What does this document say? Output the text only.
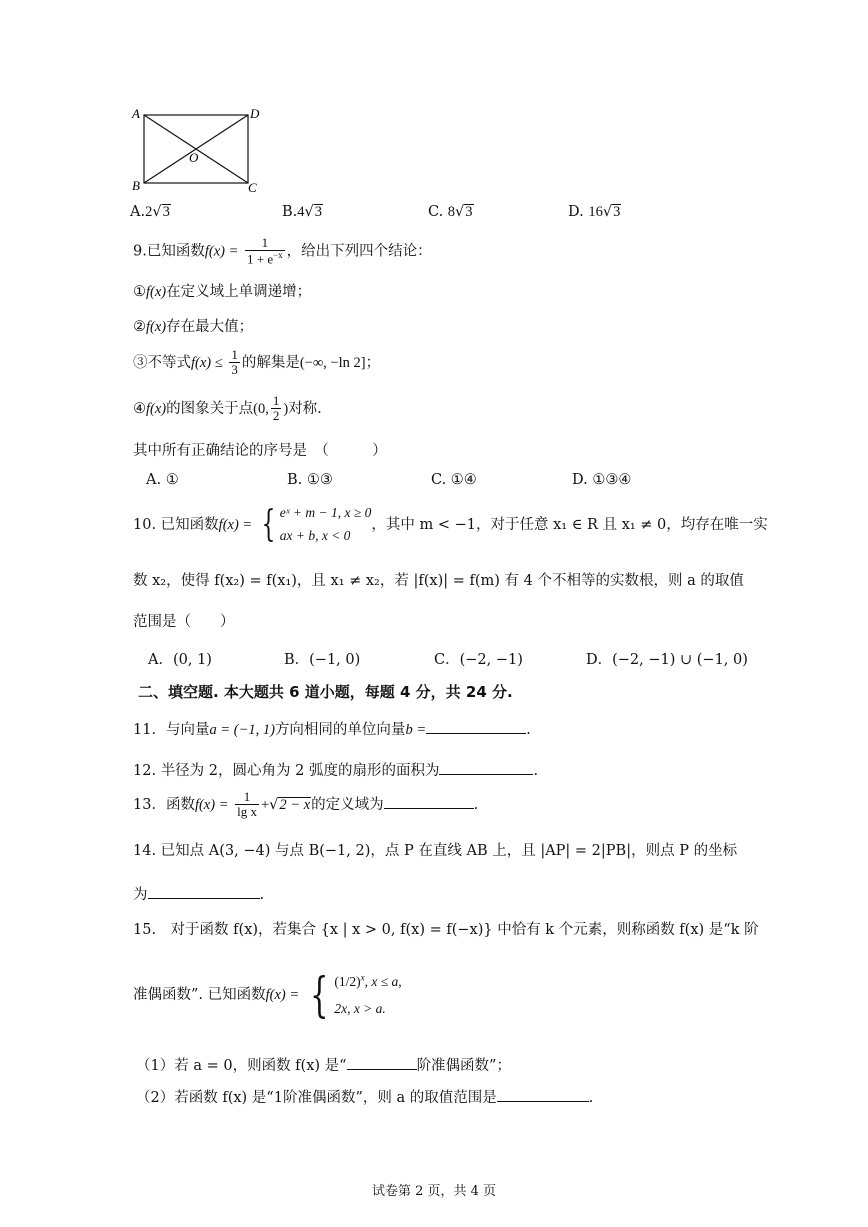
A	D
B	C
O
A.2√3	B.4√3	C. 8√3	D. 16√3
9.已知函数$f(x) = \frac{1}{1 + e^{-x}}$ ，给出下列四个结论：
①f(x)在定义域上单调递增；
②f(x)存在最大值；
③不等式$f(x) \le \frac{1}{3}$ 的解集是(−∞, −ln 2]；
④f(x)的图象关于点(0, $\frac{1}{2}$ )对称.
其中所有正确结论的序号是　（　　　）
A. ①	B. ①③	C. ①④	D. ①③④
10. 已知函数f(x) = { eˣ + m − 1, x ≥ 0
ax + b, x < 0
，其中 m < −1，对于任意 x₁ ∈ R 且 x₁ ≠ 0，均存在唯一实
数 x₂，使得 f(x₂) = f(x₁)，且 x₁ ≠ x₂，若 |f(x)| = f(m) 有 4 个不相等的实数根，则 a 的取值
范围是（　　）
A．(0, 1)	B．(−1, 0)	C．(−2, −1)	D．(−2, −1) ∪ (−1, 0)
二、填空题. 本大题共 6 道小题，每题 4 分，共 24 分.
11．与向量a = (−1, 1)方向相同的单位向量b =	.
12. 半径为 2，圆心角为 2 弧度的扇形的面积为	.
13．函数$f(x) = \frac{1}{\text{lg x}} +√2 - x$的定义域为	.
14. 已知点 A(3, −4) 与点 B(−1, 2)，点 P 在直线 AB 上，且 |AP| = 2|PB|，则点 P 的坐标
为	.
15.　对于函数 f(x)，若集合 {x | x > 0, f(x) = f(−x)} 中恰有 k 个元素，则称函数 f(x) 是“k 阶
准偶函数”. 已知函数f(x) = { $(1/2)^x$, x ≤ a,
2x, x > a.
（1）若 a = 0，则函数 f(x) 是“	阶准偶函数”；
（2）若函数 f(x) 是“1阶准偶函数”，则 a 的取值范围是	.
试卷第 2 页，共 4 页
